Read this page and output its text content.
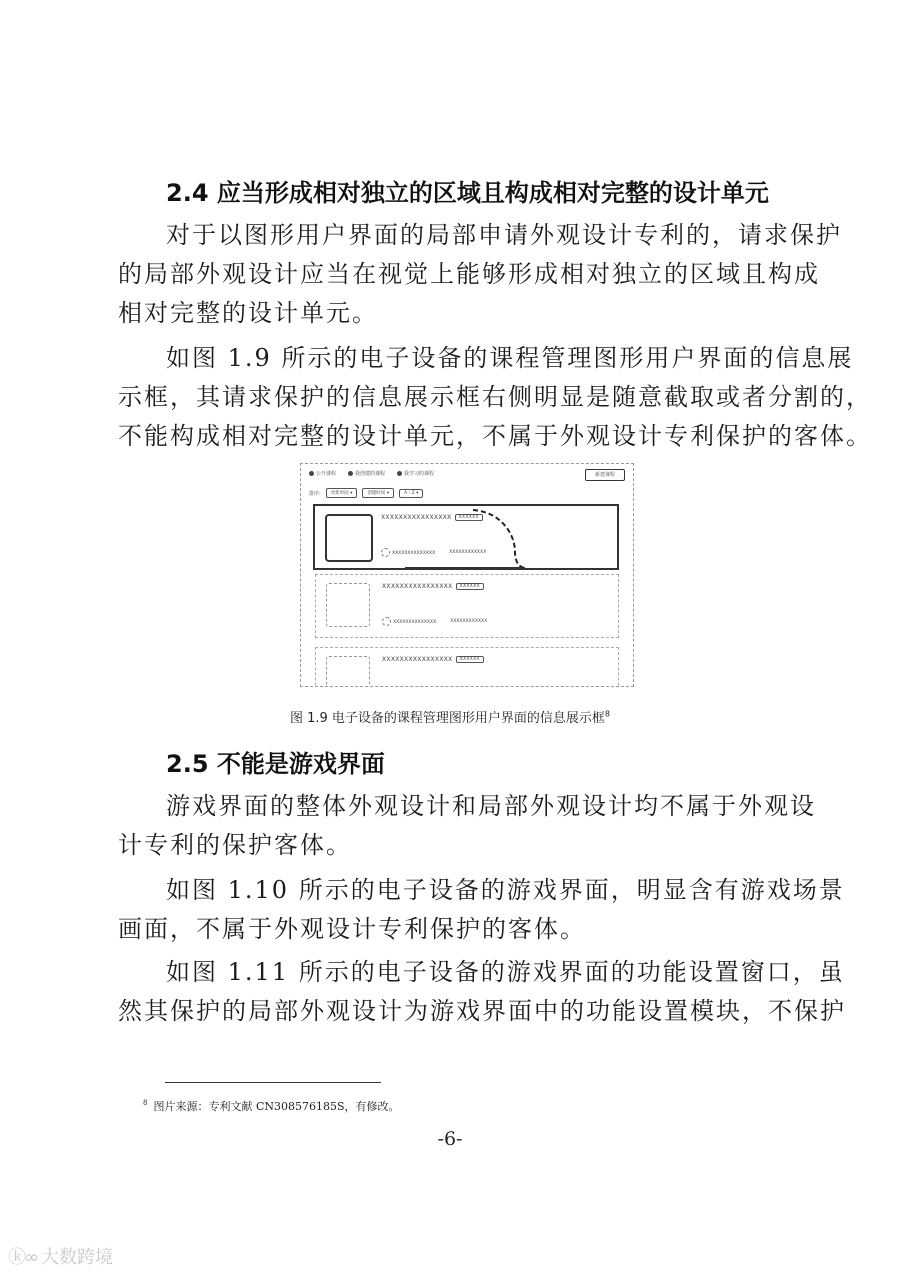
2.4 应当形成相对独立的区域且构成相对完整的设计单元
对于以图形用户界面的局部申请外观设计专利的，请求保护
的局部外观设计应当在视觉上能够形成相对独立的区域且构成
相对完整的设计单元。
如图 1.9 所示的电子设备的课程管理图形用户界面的信息展
示框，其请求保护的信息展示框右侧明显是随意截取或者分割的，
不能构成相对完整的设计单元，不属于外观设计专利保护的客体。
公开课程	我创建的课程	我学习的课程	新建课程
排序:	更新时间 ▾	创建时间 ▾	A - Z ▾
XXXXXXXXXXXXXXXX	XXXXXX
XXXXXXXXXXXXXX	XXXXXXXXXXXX
XXXXXXXXXXXXXXXX	XXXXXX
XXXXXXXXXXXXXX	XXXXXXXXXXXX
XXXXXXXXXXXXXXXX	XXXXXX
图 1.9 电子设备的课程管理图形用户界面的信息展示框$^8$
2.5 不能是游戏界面
游戏界面的整体外观设计和局部外观设计均不属于外观设
计专利的保护客体。
如图 1.10 所示的电子设备的游戏界面，明显含有游戏场景
画面，不属于外观设计专利保护的客体。
如图 1.11 所示的电子设备的游戏界面的功能设置窗口，虽
然其保护的局部外观设计为游戏界面中的功能设置模块，不保护
$^8$ 图片来源：专利文献 CN308576185S，有修改。
-6-
ⓚ∞ 大数跨境
